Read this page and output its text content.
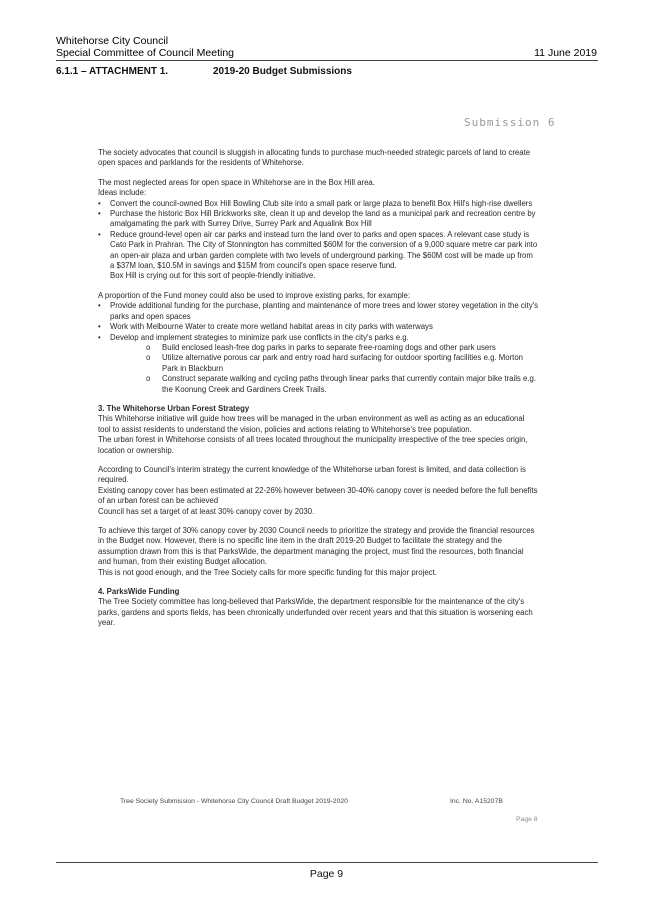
Whitehorse City Council
Special Committee of Council Meeting	11 June 2019
6.1.1 – ATTACHMENT 1.	2019-20 Budget Submissions
Submission 6

The society advocates that council is sluggish in allocating funds to purchase much-needed strategic parcels of land to create open spaces and parklands for the residents of Whitehorse.

The most neglected areas for open space in Whitehorse are in the Box Hill area.

Ideas include:

•	Convert the council-owned Box Hill Bowling Club site into a small park or large plaza to benefit Box Hill's high-rise dwellers
•	Purchase the historic Box Hill Brickworks site, clean it up and develop the land as a municipal park and recreation centre by amalgamating the park with Surrey Drive, Surrey Park and Aqualink Box Hill
•	Reduce ground-level open air car parks and instead turn the land over to parks and open spaces. A relevant case study is Cato Park in Prahran. The City of Stonnington has committed $60M for the conversion of a 9,000 square metre car park into an open-air plaza and urban garden complete with two levels of underground parking. The $60M cost will be made up from a $37M loan, $10.5M in savings and $15M from council's open space reserve fund.

Box Hill is crying out for this sort of people-friendly initiative.

A proportion of the Fund money could also be used to improve existing parks, for example:

•	Provide additional funding for the purchase, planting and maintenance of more trees and lower storey vegetation in the city's parks and open spaces
•	Work with Melbourne Water to create more wetland habitat areas in city parks with waterways
•	Develop and implement strategies to minimize park use conflicts in the city's parks e.g.
o	Build enclosed leash-free dog parks in parks to separate free-roaming dogs and other park users
o	Utilize alternative porous car park and entry road hard surfacing for outdoor sporting facilities e.g. Morton Park in Blackburn
o	Construct separate walking and cycling paths through linear parks that currently contain major bike trails e.g. the Koonung Creek and Gardiners Creek Trails.

3. The Whitehorse Urban Forest Strategy

This Whitehorse initiative will guide how trees will be managed in the urban environment as well as acting as an educational tool to assist residents to understand the vision, policies and actions relating to Whitehorse's tree population.

The urban forest in Whitehorse consists of all trees located throughout the municipality irrespective of the tree species origin, location or ownership.

According to Council's interim strategy the current knowledge of the Whitehorse urban forest is limited, and data collection is required.

Existing canopy cover has been estimated at 22-26% however between 30-40% canopy cover is needed before the full benefits of an urban forest can be achieved

Council has set a target of at least 30% canopy cover by 2030.

To achieve this target of 30% canopy cover by 2030 Council needs to prioritize the strategy and provide the financial resources in the Budget now. However, there is no specific line item in the draft 2019-20 Budget to facilitate the strategy and the assumption drawn from this is that ParksWide, the department managing the project, must find the resources, both financial and human, from their existing Budget allocation.

This is not good enough, and the Tree Society calls for more specific funding for this major project.

4. ParksWide Funding

The Tree Society committee has long-believed that ParksWide, the department responsible for the maintenance of the city's parks, gardens and sports fields, has been chronically underfunded over recent years and that this situation is worsening each year.

Tree Society Submission - Whitehorse City Council Draft Budget 2019-2020	Inc. No. A15207B
Page 8
Page 9
